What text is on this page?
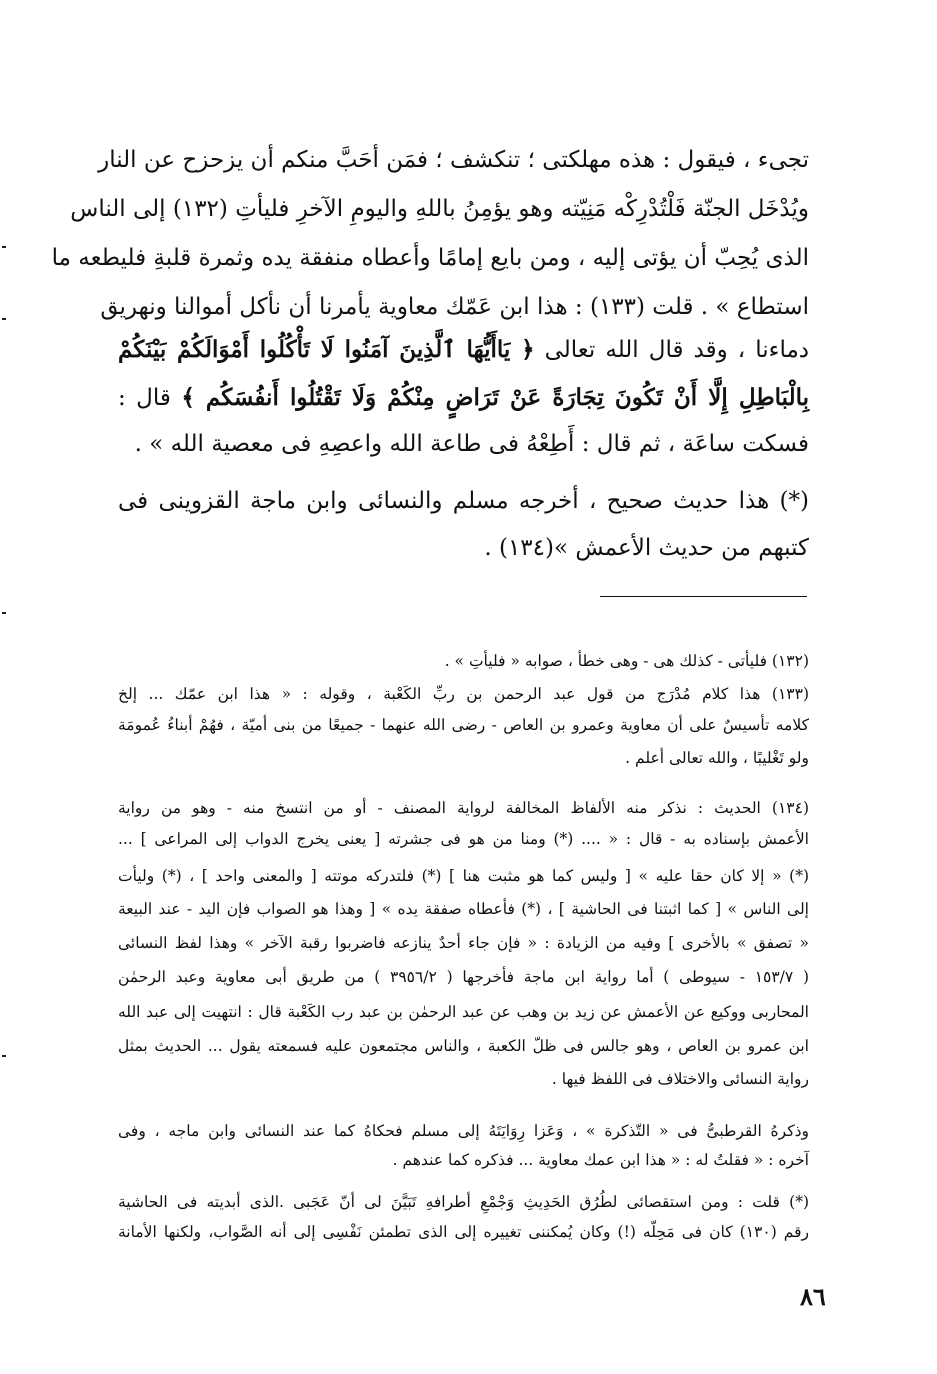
تجىء ، فيقول : هذه مهلكتى ؛ تنكشف ؛ فمَن أحَبَّ منكم أن يزحزح عن النار
ويُدْخَل الجنّة فَلْتُدْرِكْه مَنِيّته وهو يؤمِنُ باللهِ واليومِ الآخرِ فليأتِ (١٣٢) إلى الناس
الذى يُحِبّ أن يؤتى إليه ، ومن بايع إمامًا وأعطاه منفقة يده وثمرة قلبةِ فليطعه ما
استطاع » . قلت (١٣٣) : هذا ابن عَمّك معاوية يأمرنا أن نأكل أموالنا ونهريق
دماءنا ، وقد قال الله تعالى ﴿ يَاأَيُّهَا ٱلَّذِينَ آمَنُوا لَا تَأْكُلُوا أَمْوَالَكُمْ بَيْنَكُمْ
بِالْبَاطِلِ إِلَّا أَنْ تَكُونَ تِجَارَةً عَنْ تَرَاضٍ مِنْكُمْ وَلَا تَقْتُلُوا أَنفُسَكُم ﴾ قال :
فسكت ساعَة ، ثم قال : أَطِعْهُ فى طاعة الله واعصِهِ فى معصية الله » .
(*) هذا حديث صحيح ، أخرجه مسلم والنسائى وابن ماجة القزوينى فى
كتبهم من حديث الأعمش »(١٣٤) .
(١٣٢) فليأتى - كذلك هى - وهى خطأ ، صوابه « فليأتِ » .
(١٣٣) هذا كلام مُدْرَج من قول عبد الرحمن بن ربِّ الكَعْبة ، وقوله : « هذا ابن عمّك ... إلخ
كلامه تأسيسٌ على أن معاوية وعمرو بن العاص - رضى الله عنهما - جميعًا من بنى أميّة ، فهُمْ أبناءُ عُمومَة
ولو تَغْليبًا ، والله تعالى أعلم .
(١٣٤) الحديث : نذكر منه الألفاظ المخالفة لرواية المصنف - أو من انتسخ منه - وهو من رواية
الأعمش بإسناده به - قال : « .... (*) ومنا من هو فى جشرته [ يعنى يخرج الدواب إلى المراعى ] ...
(*) « إلا كان حقا عليه » [ وليس كما هو مثبت هنا ] (*) فلتدركه موتته [ والمعنى واحد ] ، (*) وليأت
إلى الناس » [ كما اثبتنا فى الحاشية ] ، (*) فأعطاه صفقة يده » [ وهذا هو الصواب فإن اليد - عند البيعة
« تصفق » بالأخرى ] وفيه من الزيادة : « فإن جاء أحدٌ ينازعه فاضربوا رقبة الآخر » وهذا لفظ النسائى
( ١٥٣/٧ - سيوطى ) أما رواية ابن ماجة فأخرجها ( ٣٩٥٦/٢ ) من طريق أبى معاوية وعبد الرحمٰن
المحاربى ووكيع عن الأعمش عن زيد بن وهب عن عبد الرحمٰن بن عبد رب الكَعْبة قال : انتهيت إلى عبد الله
ابن عمرو بن العاص ، وهو جالس فى ظلّ الكعبة ، والناس مجتمعون عليه فسمعته يقول ... الحديث بمثل
رواية النسائى والاختلاف فى اللفظ فيها .
وذكرهُ القرطبىُّ فى « التّذكرة » ، وَعَزا رِوَايَتَهُ إلى مسلم فحكاهُ كما عند النسائى وابن ماجه ، وفى
آخره : « فقلتُ له : « هذا ابن عمك معاوية ... فذكره كما عندهم .
(*) قلت : ومن استقصائى لطُرُق الحَدِيثِ وَجْمْعِ أطرافهِ تَبَيَّنَ لى أنّ عَجَبى .الذى أبديته فى الحاشية
رقم (١٣٠) كان فى مَحِلّه (!) وكان يُمكننى تغييره إلى الذى تطمئن نَفْسِى إلى أنه الصَّواب، ولكنها الأمانة
٨٦
